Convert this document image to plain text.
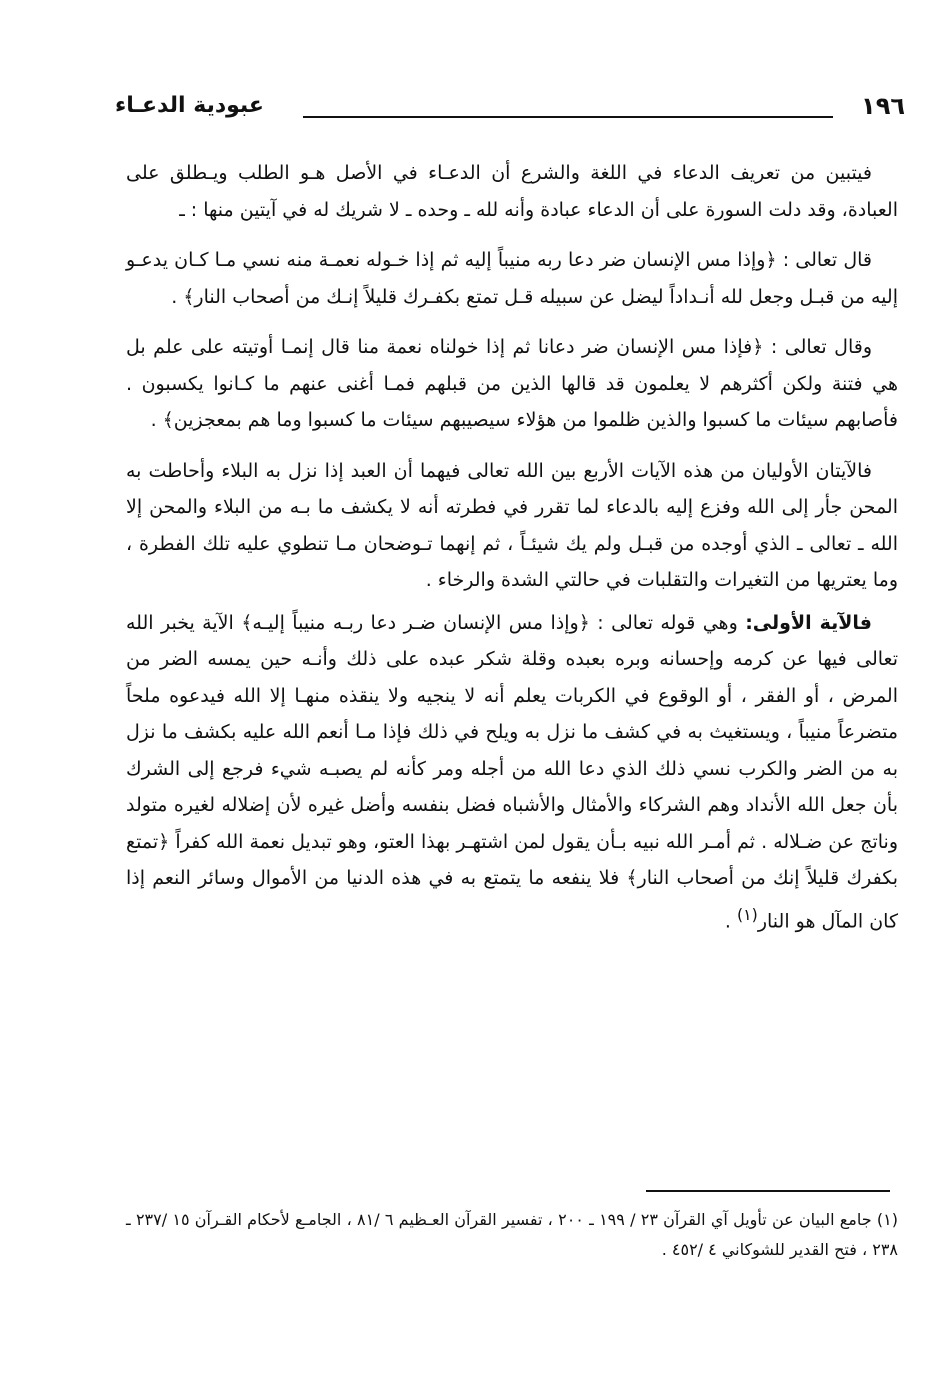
١٩٦
عبودية الدعـاء

فيتبين من تعريف الدعاء في اللغة والشرع أن الدعـاء في الأصل هـو الطلب ويـطلق على العبادة، وقد دلت السورة على أن الدعاء عبادة وأنه لله ـ وحده ـ لا شريك له في آيتين منها : ـ

قال تعالى : ﴿وإذا مس الإنسان ضر دعا ربه منيباً إليه ثم إذا خـوله نعمـة منه نسي مـا كـان يدعـو إليه من قبـل وجعل لله أنـداداً ليضل عن سبيله قـل تمتع بكفـرك قليلاً إنـك من أصحاب النار﴾ .

وقال تعالى : ﴿فإذا مس الإنسان ضر دعانا ثم إذا خولناه نعمة منا قال إنمـا أوتيته على علم بل هي فتنة ولكن أكثرهم لا يعلمون قد قالها الذين من قبلهم فمـا أغنى عنهم ما كـانوا يكسبون . فأصابهم سيئات ما كسبوا والذين ظلموا من هؤلاء سيصيبهم سيئات ما كسبوا وما هم بمعجزين﴾ .

فالآيتان الأوليان من هذه الآيات الأربع بين الله تعالى فيهما أن العبد إذا نزل به البلاء وأحاطت به المحن جأر إلى الله وفزع إليه بالدعاء لما تقرر في فطرته أنه لا يكشف ما بـه من البلاء والمحن إلا الله ـ تعالى ـ الذي أوجده من قبـل ولم يك شيئـاً ، ثم إنهما تـوضحان مـا تنطوي عليه تلك الفطرة ، وما يعتريها من التغيرات والتقلبات في حالتي الشدة والرخاء .

فالآية الأولى: وهي قوله تعالى : ﴿وإذا مس الإنسان ضـر دعا ربـه منيباً إليـه﴾ الآية يخبر الله تعالى فيها عن كرمه وإحسانه وبره بعبده وقلة شكر عبده على ذلك وأنـه حين يمسه الضر من المرض ، أو الفقر ، أو الوقوع في الكربات يعلم أنه لا ينجيه ولا ينقذه منهـا إلا الله فيدعوه ملحاً متضرعاً منيباً ، ويستغيث به في كشف ما نزل به ويلح في ذلك فإذا مـا أنعم الله عليه بكشف ما نزل به من الضر والكرب نسي ذلك الذي دعا الله من أجله ومر كأنه لم يصبـه شيء فرجع إلى الشرك بأن جعل الله الأنداد وهم الشركاء والأمثال والأشباه فضل بنفسه وأضل غيره لأن إضلاله لغيره متولد وناتج عن ضـلاله . ثم أمـر الله نبيه بـأن يقول لمن اشتهـر بهذا العتو، وهو تبديل نعمة الله كفراً ﴿تمتع بكفرك قليلاً إنك من أصحاب النار﴾ فلا ينفعه ما يتمتع به في هذه الدنيا من الأموال وسائر النعم إذا كان المآل هو النار$^{(١)}$ .

(١) جامع البيان عن تأويل آي القرآن ٢٣ / ١٩٩ ـ ٢٠٠ ، تفسير القرآن العـظيم ٦ /٨١ ، الجامـع لأحكام القـرآن ١٥ /٢٣٧ ـ ٢٣٨ ، فتح القدير للشوكاني ٤ /٤٥٢ .
